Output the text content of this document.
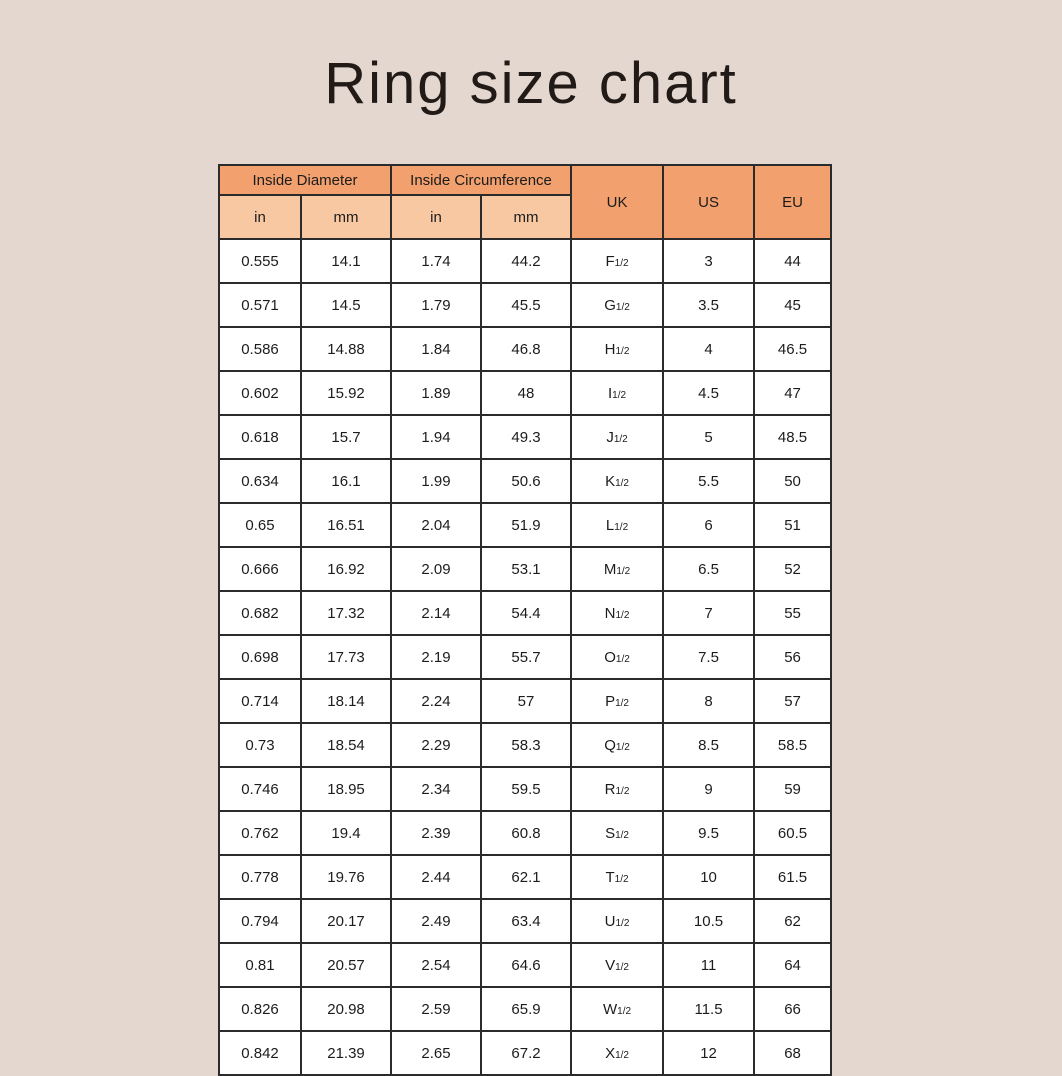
Ring size chart
Inside Diameter		Inside Circumference		UK	US	EU
in	mm	in	mm			
0.555	14.1	1.74	44.2	F1/2	3	44
0.571	14.5	1.79	45.5	G1/2	3.5	45
0.586	14.88	1.84	46.8	H1/2	4	46.5
0.602	15.92	1.89	48	I1/2	4.5	47
0.618	15.7	1.94	49.3	J1/2	5	48.5
0.634	16.1	1.99	50.6	K1/2	5.5	50
0.65	16.51	2.04	51.9	L1/2	6	51
0.666	16.92	2.09	53.1	M1/2	6.5	52
0.682	17.32	2.14	54.4	N1/2	7	55
0.698	17.73	2.19	55.7	O1/2	7.5	56
0.714	18.14	2.24	57	P1/2	8	57
0.73	18.54	2.29	58.3	Q1/2	8.5	58.5
0.746	18.95	2.34	59.5	R1/2	9	59
0.762	19.4	2.39	60.8	S1/2	9.5	60.5
0.778	19.76	2.44	62.1	T1/2	10	61.5
0.794	20.17	2.49	63.4	U1/2	10.5	62
0.81	20.57	2.54	64.6	V1/2	11	64
0.826	20.98	2.59	65.9	W1/2	11.5	66
0.842	21.39	2.65	67.2	X1/2	12	68
